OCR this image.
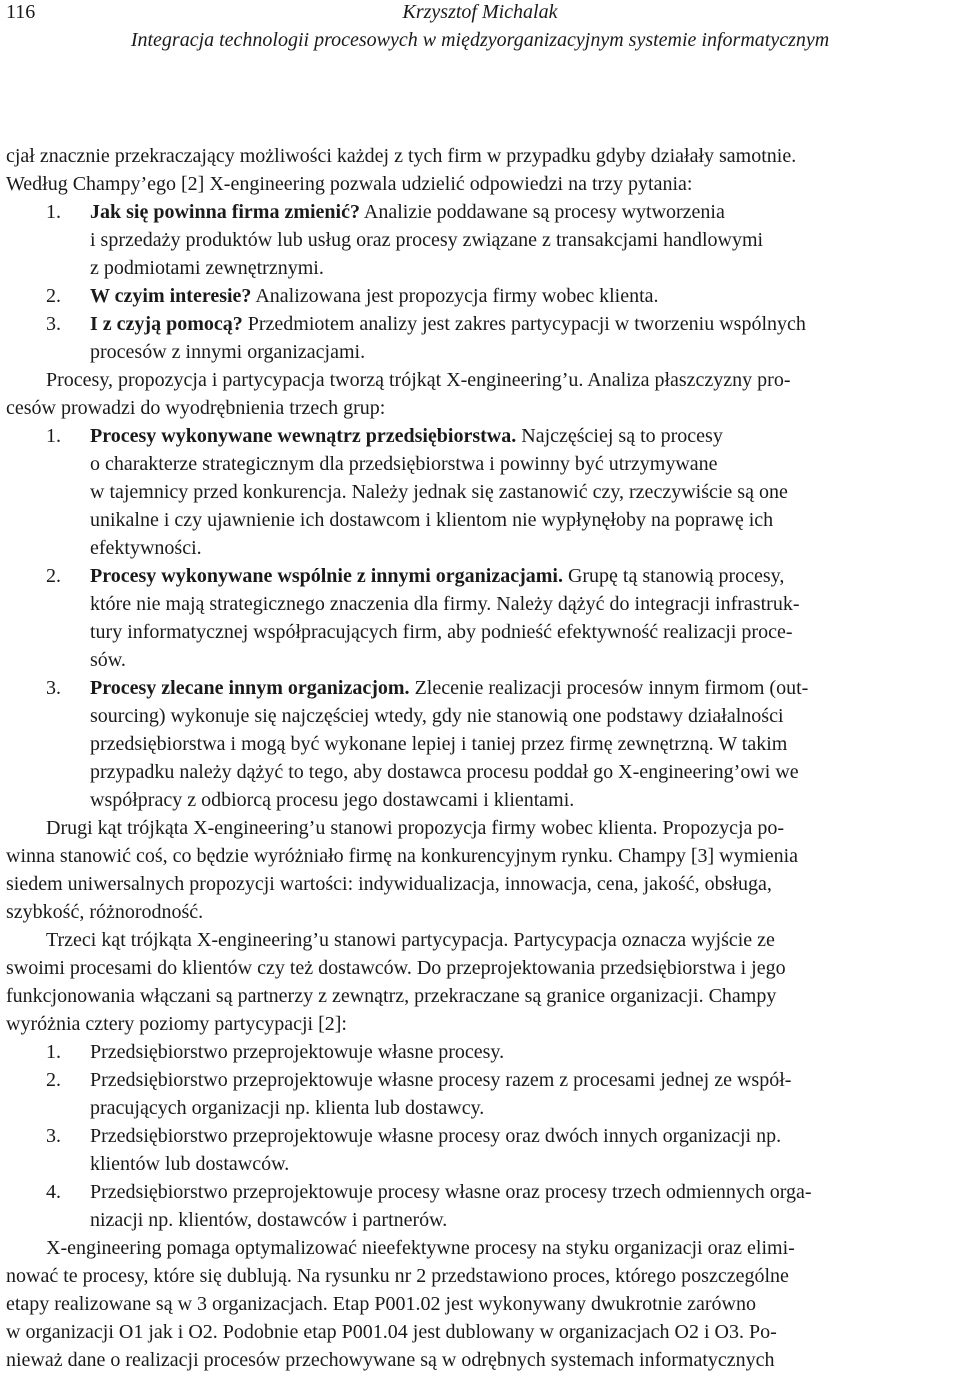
116	Krzysztof Michalak
Integracja technologii procesowych w międzyorganizacyjnym systemie informatycznym
cjał znacznie przekraczający możliwości każdej z tych firm w przypadku gdyby działały samotnie.
Według Champy’ego [2] X-engineering pozwala udzielić odpowiedzi na trzy pytania:
1. Jak się powinna firma zmienić? Analizie poddawane są procesy wytworzenia
i sprzedaży produktów lub usług oraz procesy związane z transakcjami handlowymi
z podmiotami zewnętrznymi.
2. W czyim interesie? Analizowana jest propozycja firmy wobec klienta.
3. I z czyją pomocą? Przedmiotem analizy jest zakres partycypacji w tworzeniu wspólnych
procesów z innymi organizacjami.
Procesy, propozycja i partycypacja tworzą trójkąt X-engineering’u. Analiza płaszczyzny pro-
cesów prowadzi do wyodrębnienia trzech grup:
1. Procesy wykonywane wewnątrz przedsiębiorstwa. Najczęściej są to procesy
o charakterze strategicznym dla przedsiębiorstwa i powinny być utrzymywane
w tajemnicy przed konkurencja. Należy jednak się zastanowić czy, rzeczywiście są one
unikalne i czy ujawnienie ich dostawcom i klientom nie wypłynęłoby na poprawę ich
efektywności.
2. Procesy wykonywane wspólnie z innymi organizacjami. Grupę tą stanowią procesy,
które nie mają strategicznego znaczenia dla firmy. Należy dążyć do integracji infrastruk-
tury informatycznej współpracujących firm, aby podnieść efektywność realizacji proce-
sów.
3. Procesy zlecane innym organizacjom. Zlecenie realizacji procesów innym firmom (out-
sourcing) wykonuje się najczęściej wtedy, gdy nie stanowią one podstawy działalności
przedsiębiorstwa i mogą być wykonane lepiej i taniej przez firmę zewnętrzną. W takim
przypadku należy dążyć to tego, aby dostawca procesu poddał go X-engineering’owi we
współpracy z odbiorcą procesu jego dostawcami i klientami.
Drugi kąt trójkąta X-engineering’u stanowi propozycja firmy wobec klienta. Propozycja po-
winna stanowić coś, co będzie wyróżniało firmę na konkurencyjnym rynku. Champy [3] wymienia
siedem uniwersalnych propozycji wartości: indywidualizacja, innowacja, cena, jakość, obsługa,
szybkość, różnorodność.
Trzeci kąt trójkąta X-engineering’u stanowi partycypacja. Partycypacja oznacza wyjście ze
swoimi procesami do klientów czy też dostawców. Do przeprojektowania przedsiębiorstwa i jego
funkcjonowania włączani są partnerzy z zewnątrz, przekraczane są granice organizacji. Champy
wyróżnia cztery poziomy partycypacji [2]:
1. Przedsiębiorstwo przeprojektowuje własne procesy.
2. Przedsiębiorstwo przeprojektowuje własne procesy razem z procesami jednej ze współ-
pracujących organizacji np. klienta lub dostawcy.
3. Przedsiębiorstwo przeprojektowuje własne procesy oraz dwóch innych organizacji np.
klientów lub dostawców.
4. Przedsiębiorstwo przeprojektowuje procesy własne oraz procesy trzech odmiennych orga-
nizacji np. klientów, dostawców i partnerów.
X-engineering pomaga optymalizować nieefektywne procesy na styku organizacji oraz elimi-
nować te procesy, które się dublują. Na rysunku nr 2 przedstawiono proces, którego poszczególne
etapy realizowane są w 3 organizacjach. Etap P001.02 jest wykonywany dwukrotnie zarówno
w organizacji O1 jak i O2. Podobnie etap P001.04 jest dublowany w organizacjach O2 i O3. Po-
nieważ dane o realizacji procesów przechowywane są w odrębnych systemach informatycznych
